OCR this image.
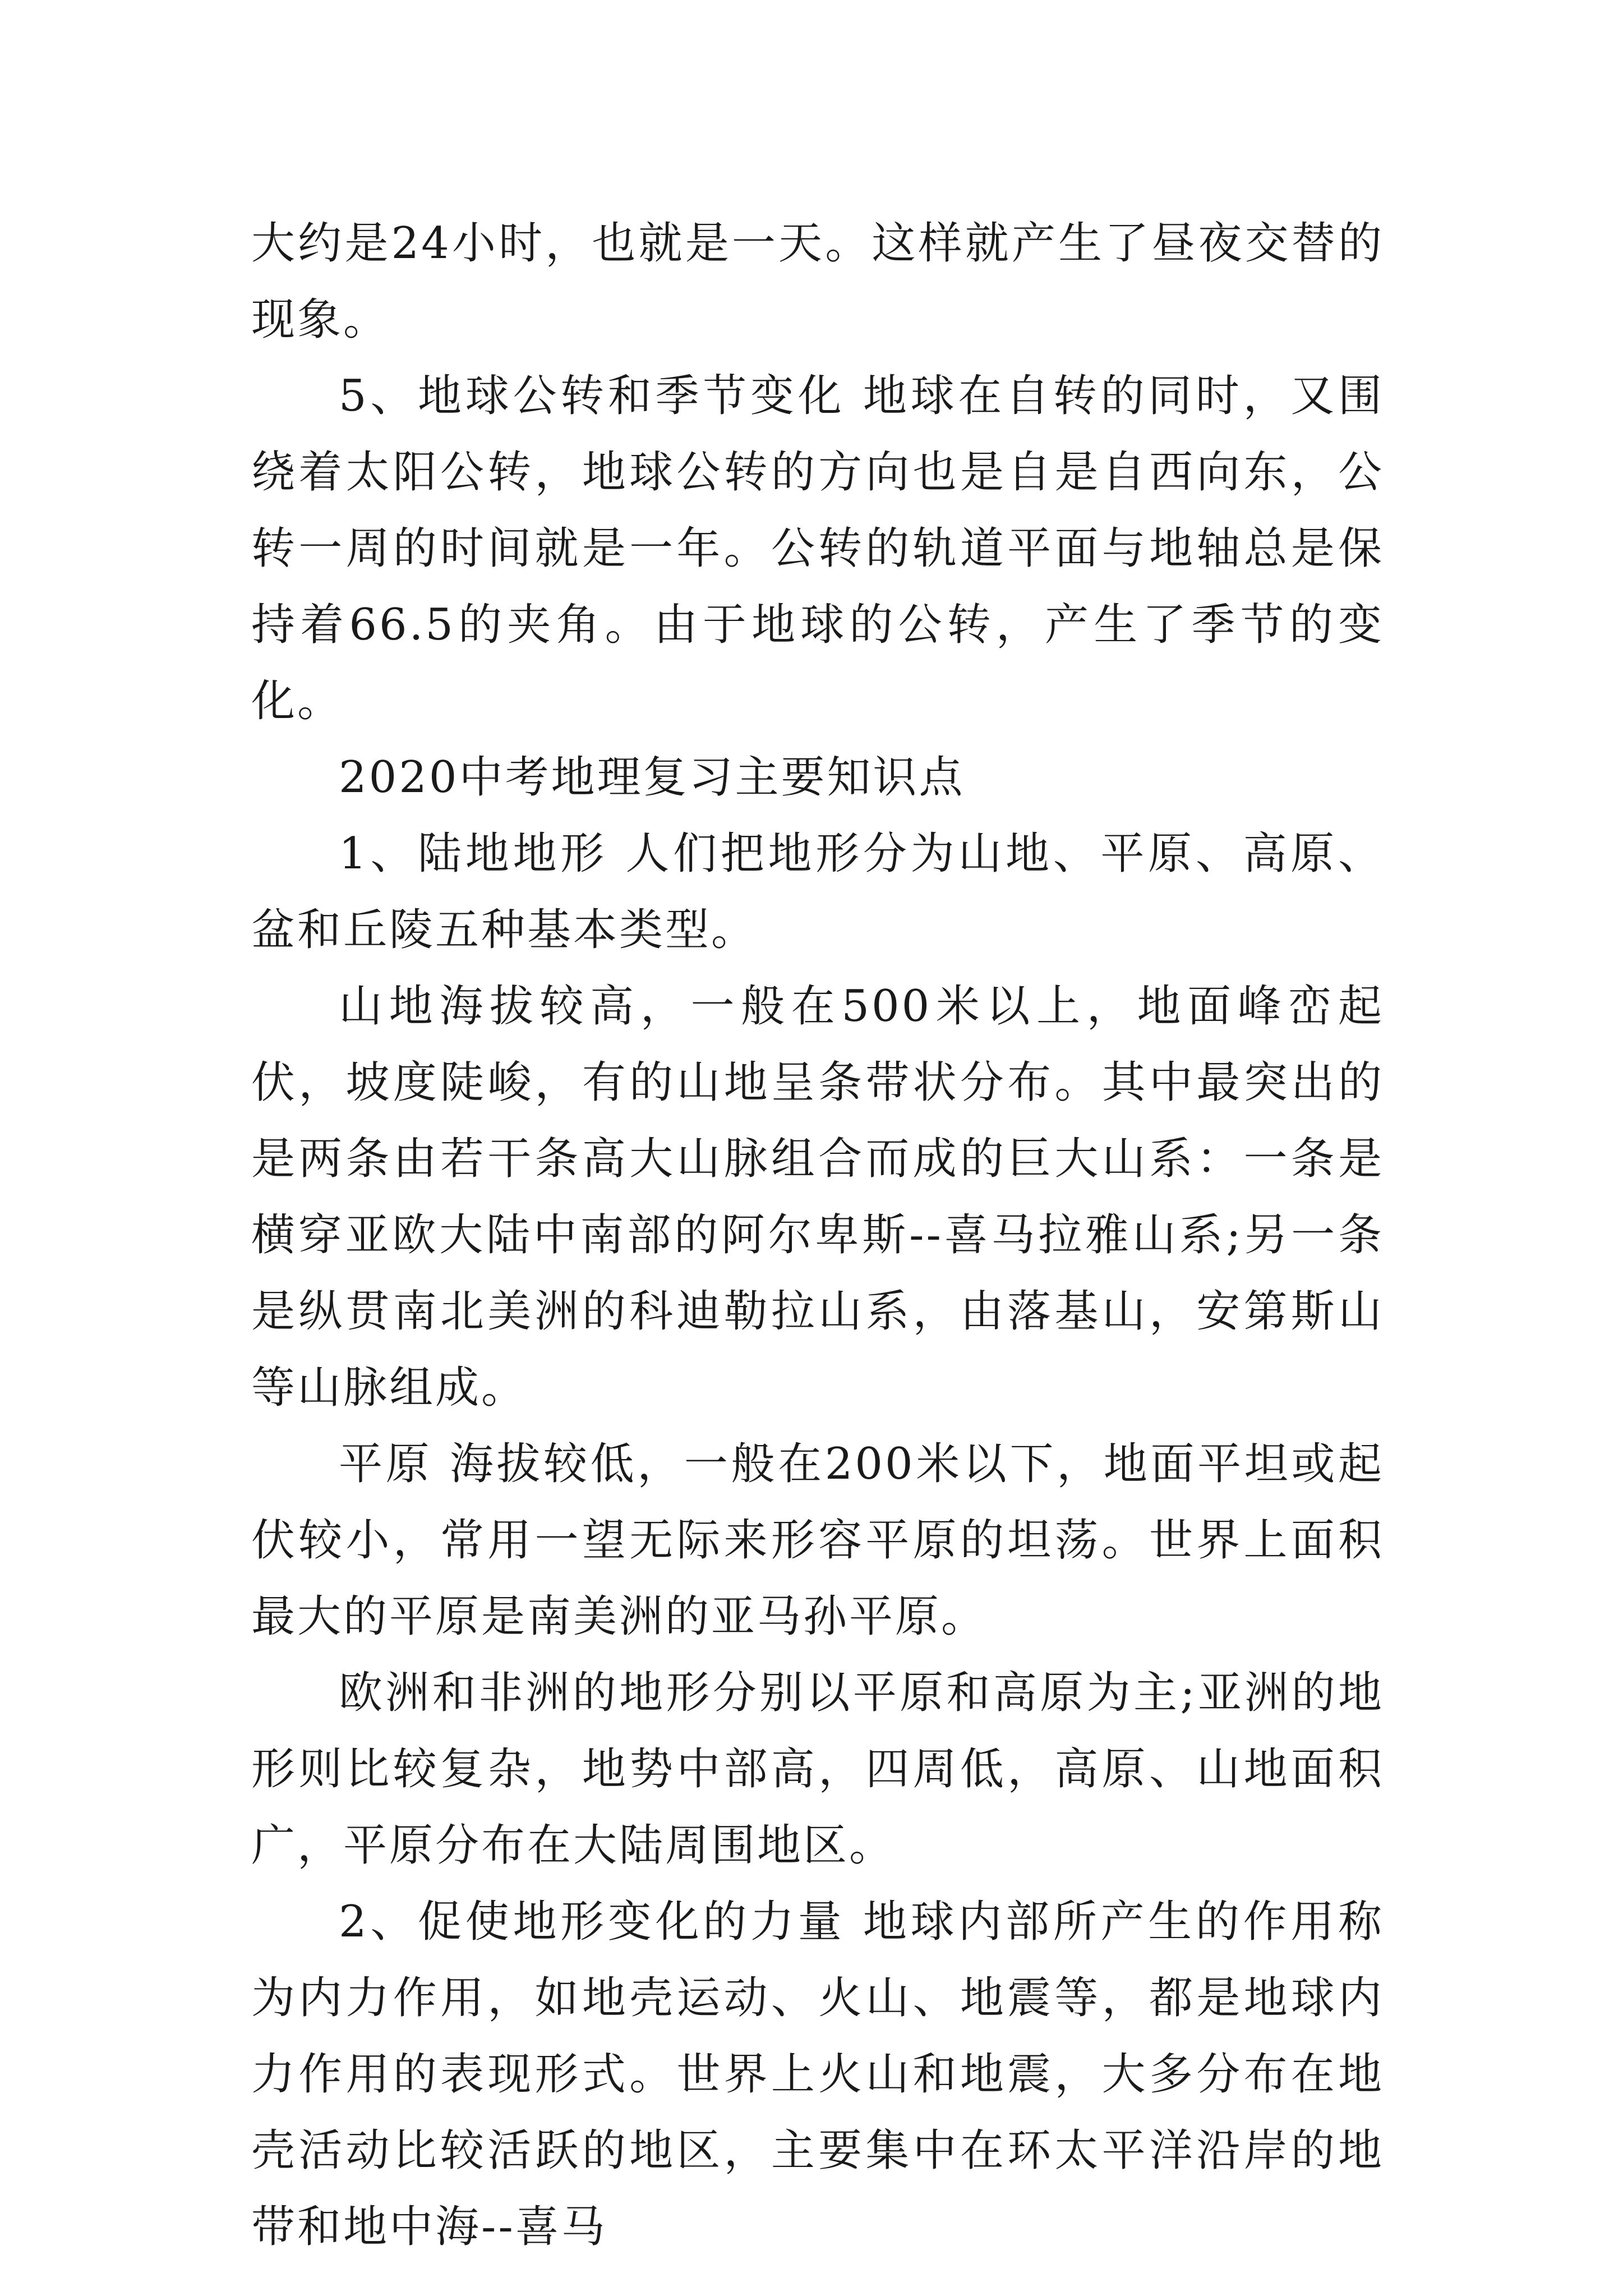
大约是24小时，也就是一天。这样就产生了昼夜交替的现象。

5、地球公转和季节变化 地球在自转的同时，又围绕着太阳公转，地球公转的方向也是自是自西向东，公转一周的时间就是一年。公转的轨道平面与地轴总是保持着66.5的夹角。由于地球的公转，产生了季节的变化。

2020中考地理复习主要知识点

1、陆地地形 人们把地形分为山地、平原、高原、盆和丘陵五种基本类型。

山地海拔较高，一般在500米以上，地面峰峦起伏，坡度陡峻，有的山地呈条带状分布。其中最突出的是两条由若干条高大山脉组合而成的巨大山系：一条是横穿亚欧大陆中南部的阿尔卑斯--喜马拉雅山系;另一条是纵贯南北美洲的科迪勒拉山系，由落基山，安第斯山等山脉组成。

平原 海拔较低，一般在200米以下，地面平坦或起伏较小，常用一望无际来形容平原的坦荡。世界上面积最大的平原是南美洲的亚马孙平原。

欧洲和非洲的地形分别以平原和高原为主;亚洲的地形则比较复杂，地势中部高，四周低，高原、山地面积广，平原分布在大陆周围地区。

2、促使地形变化的力量 地球内部所产生的作用称为内力作用，如地壳运动、火山、地震等，都是地球内力作用的表现形式。世界上火山和地震，大多分布在地壳活动比较活跃的地区，主要集中在环太平洋沿岸的地带和地中海--喜马
